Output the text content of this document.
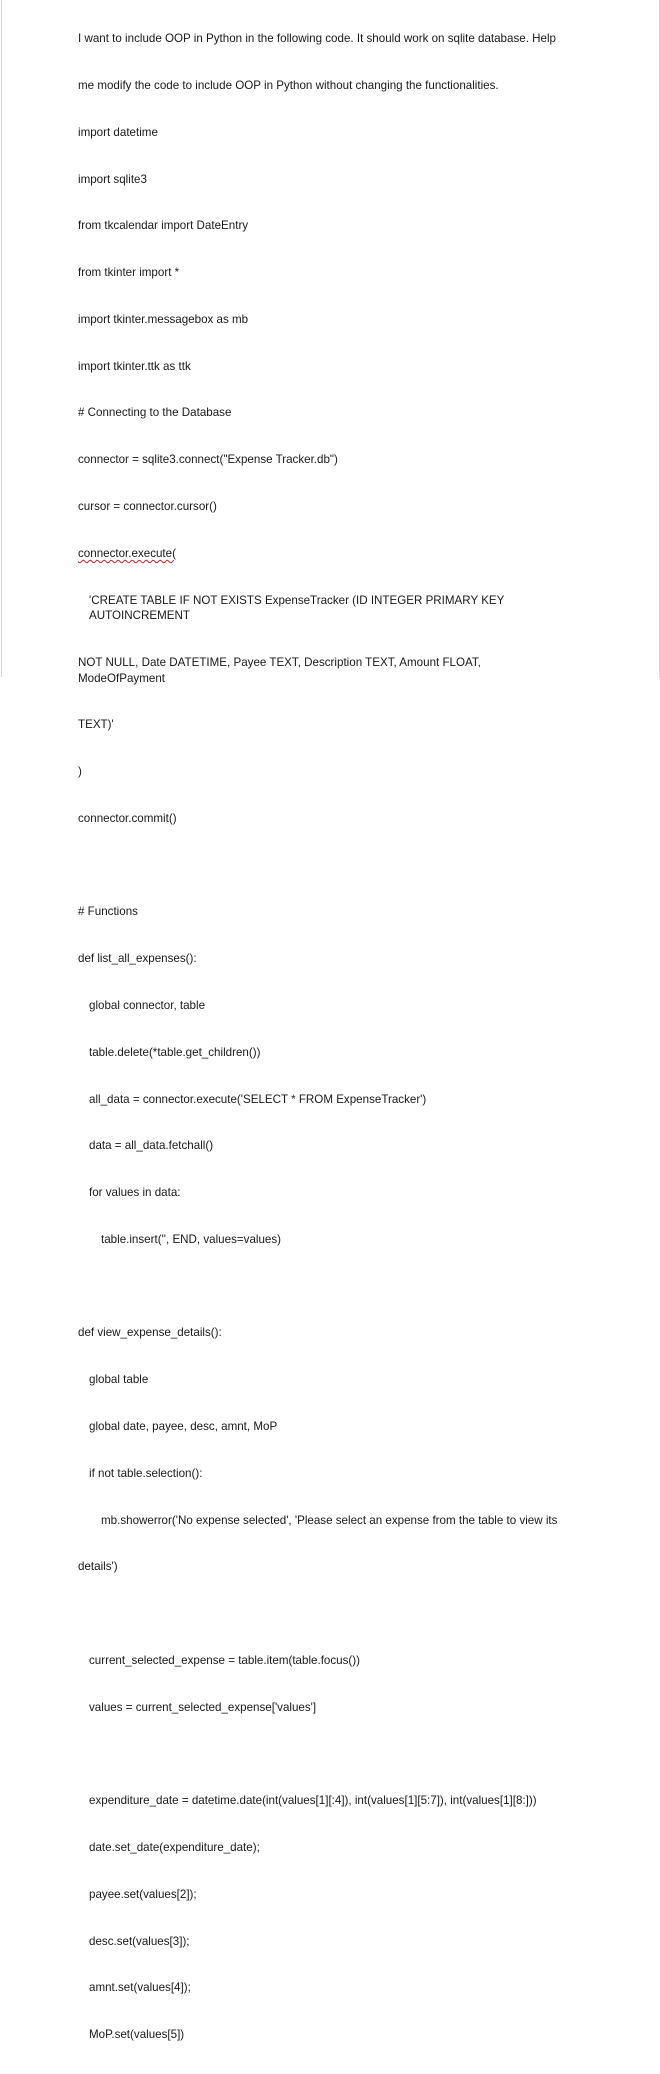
I want to include OOP in Python in the following code. It should work on sqlite database. Help

me modify the code to include OOP in Python without changing the functionalities.

import datetime

import sqlite3

from tkcalendar import DateEntry

from tkinter import *

import tkinter.messagebox as mb

import tkinter.ttk as ttk

# Connecting to the Database

connector = sqlite3.connect("Expense Tracker.db")

cursor = connector.cursor()

connector.execute(

'CREATE TABLE IF NOT EXISTS ExpenseTracker (ID INTEGER PRIMARY KEY AUTOINCREMENT

NOT NULL, Date DATETIME, Payee TEXT, Description TEXT, Amount FLOAT, ModeOfPayment

TEXT)'

)

connector.commit()

# Functions

def list_all_expenses():

global connector, table

table.delete(*table.get_children())

all_data = connector.execute('SELECT * FROM ExpenseTracker')

data = all_data.fetchall()

for values in data:

table.insert('', END, values=values)

def view_expense_details():

global table

global date, payee, desc, amnt, MoP

if not table.selection():

mb.showerror('No expense selected', 'Please select an expense from the table to view its

details')

current_selected_expense = table.item(table.focus())

values = current_selected_expense['values']

expenditure_date = datetime.date(int(values[1][:4]), int(values[1][5:7]), int(values[1][8:]))

date.set_date(expenditure_date);

payee.set(values[2]);

desc.set(values[3]);

amnt.set(values[4]);

MoP.set(values[5])
